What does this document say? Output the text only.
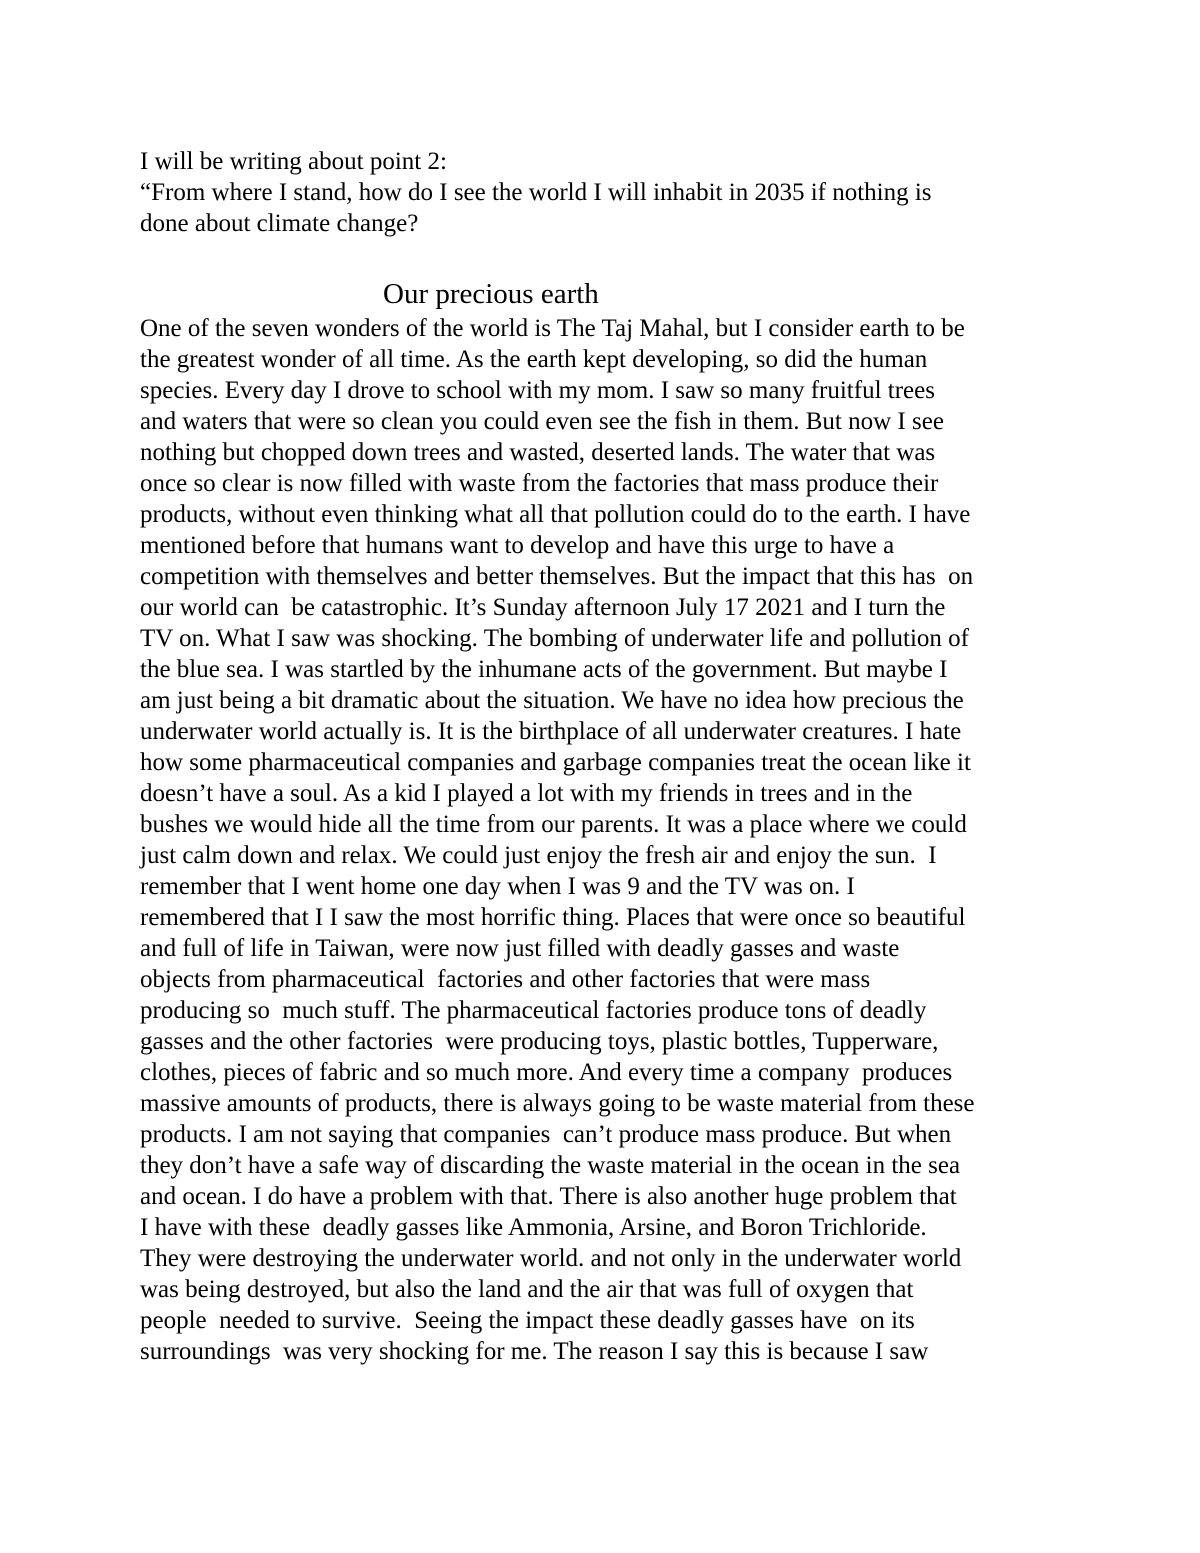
I will be writing about point 2:
“From where I stand, how do I see the world I will inhabit in 2035 if nothing is
done about climate change?
Our precious earth
One of the seven wonders of the world is The Taj Mahal, but I consider earth to be
the greatest wonder of all time. As the earth kept developing, so did the human
species. Every day I drove to school with my mom. I saw so many fruitful trees
and waters that were so clean you could even see the fish in them. But now I see
nothing but chopped down trees and wasted, deserted lands. The water that was
once so clear is now filled with waste from the factories that mass produce their
products, without even thinking what all that pollution could do to the earth. I have
mentioned before that humans want to develop and have this urge to have a
competition with themselves and better themselves. But the impact that this has  on
our world can  be catastrophic. It’s Sunday afternoon July 17 2021 and I turn the
TV on. What I saw was shocking. The bombing of underwater life and pollution of
the blue sea. I was startled by the inhumane acts of the government. But maybe I
am just being a bit dramatic about the situation. We have no idea how precious the
underwater world actually is. It is the birthplace of all underwater creatures. I hate
how some pharmaceutical companies and garbage companies treat the ocean like it
doesn’t have a soul. As a kid I played a lot with my friends in trees and in the
bushes we would hide all the time from our parents. It was a place where we could
just calm down and relax. We could just enjoy the fresh air and enjoy the sun.  I
remember that I went home one day when I was 9 and the TV was on. I
remembered that I I saw the most horrific thing. Places that were once so beautiful
and full of life in Taiwan, were now just filled with deadly gasses and waste
objects from pharmaceutical  factories and other factories that were mass
producing so  much stuff. The pharmaceutical factories produce tons of deadly
gasses and the other factories  were producing toys, plastic bottles, Tupperware,
clothes, pieces of fabric and so much more. And every time a company  produces
massive amounts of products, there is always going to be waste material from these
products. I am not saying that companies  can’t produce mass produce. But when
they don’t have a safe way of discarding the waste material in the ocean in the sea
and ocean. I do have a problem with that. There is also another huge problem that
I have with these  deadly gasses like Ammonia, Arsine, and Boron Trichloride.
They were destroying the underwater world. and not only in the underwater world
was being destroyed, but also the land and the air that was full of oxygen that
people  needed to survive.  Seeing the impact these deadly gasses have  on its
surroundings  was very shocking for me. The reason I say this is because I saw
